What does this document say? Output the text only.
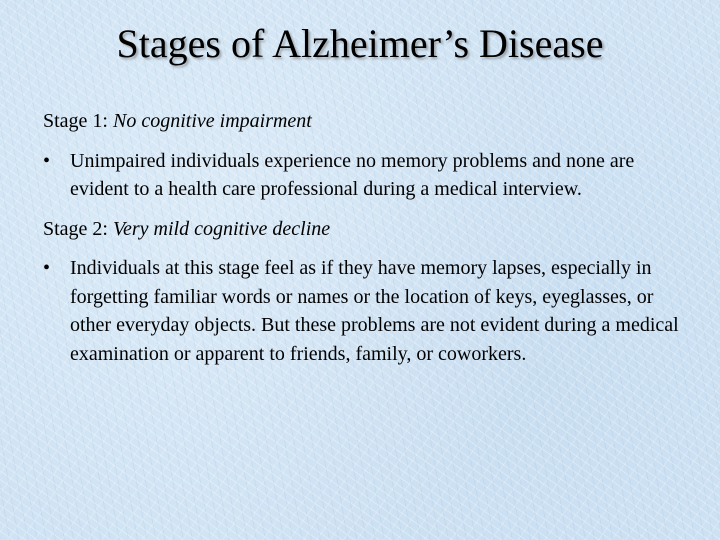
Stages of Alzheimer’s Disease

Stage 1: No cognitive impairment

• Unimpaired individuals experience no memory problems and none are evident to a health care professional during a medical interview.

Stage 2: Very mild cognitive decline

• Individuals at this stage feel as if they have memory lapses, especially in forgetting familiar words or names or the location of keys, eyeglasses, or other everyday objects. But these problems are not evident during a medical examination or apparent to friends, family, or coworkers.
